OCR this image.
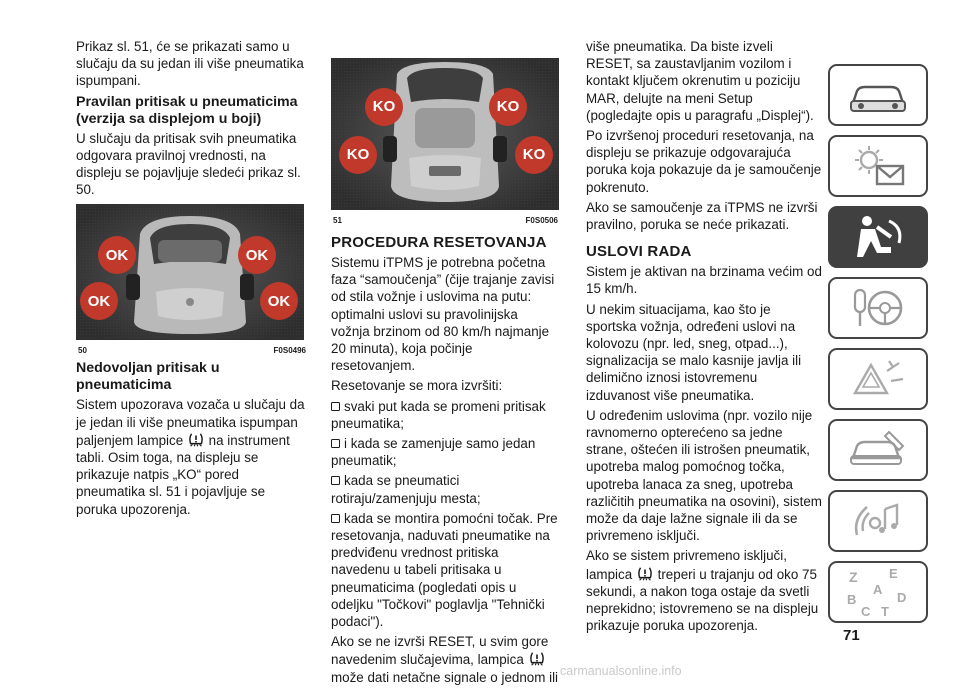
Prikaz sl. 51, će se prikazati samo u slučaju da su jedan ili više pneumatika ispumpani.

Pravilan pritisak u pneumaticima (verzija sa displejom u boji)

U slučaju da pritisak svih pneumatika odgovara pravilnoj vrednosti, na displeju se pojavljuje sledeći prikaz sl. 50.

OK	OK
OK	OK
50	F0S0496
Nedovoljan pritisak u pneumaticima

Sistem upozorava vozača u slučaju da je jedan ili više pneumatika ispumpan paljenjem lampice na instrument tabli. Osim toga, na displeju se prikazuje natpis „KO“ pored pneumatika sl. 51 i pojavljuje se poruka upozorenja.

KO	KO
KO	KO
51	F0S0506
PROCEDURA RESETOVANJA

Sistemu iTPMS je potrebna početna faza “samoučenja” (čije trajanje zavisi od stila vožnje i uslovima na putu: optimalni uslovi su pravolinijska vožnja brzinom od 80 km/h najmanje 20 minuta), koja počinje resetovanjem.

Resetovanje se mora izvršiti:

svaki put kada se promeni pritisak pneumatika;

i kada se zamenjuje samo jedan pneumatik;

kada se pneumatici rotiraju/zamenjuju mesta;

kada se montira pomoćni točak. Pre resetovanja, naduvati pneumatike na predviđenu vrednost pritiska navedenu u tabeli pritisaka u pneumaticima (pogledati opis u odeljku "Točkovi" poglavlja "Tehnički podaci").

Ako se ne izvrši RESET, u svim gore navedenim slučajevima, lampica  može dati netačne signale o jednom ili

više pneumatika. Da biste izveli RESET, sa zaustavljanim vozilom i kontakt ključem okrenutim u poziciju MAR, delujte na meni Setup (pogledajte opis u paragrafu „Displej“).

Po izvršenoj proceduri resetovanja, na displeju se prikazuje odgovarajuća poruka koja pokazuje da je samoučenje pokrenuto.

Ako se samoučenje za iTPMS ne izvrši pravilno, poruka se neće prikazati.

USLOVI RADA

Sistem je aktivan na brzinama većim od 15 km/h.

U nekim situacijama, kao što je sportska vožnja, određeni uslovi na kolovozu (npr. led, sneg, otpad...), signalizacija se malo kasnije javlja ili delimično iznosi istovremenu izduvanost više pneumatika.

U određenim uslovima (npr. vozilo nije ravnomerno opterećeno sa jedne strane, oštećen ili istrošen pneumatik, upotreba malog pomoćnog točka, upotreba lanaca za sneg, upotreba različitih pneumatika na osovini), sistem može da daje lažne signale ili da se privremeno isključi.

Ako se sistem privremeno isključi,

lampica treperi u trajanju od oko 75 sekundi, a nakon toga ostaje da svetli neprekidno; istovremeno se na displeju prikazuje poruka upozorenja.

Z E
A
B	D
C T
71
carmanualsonline.info
